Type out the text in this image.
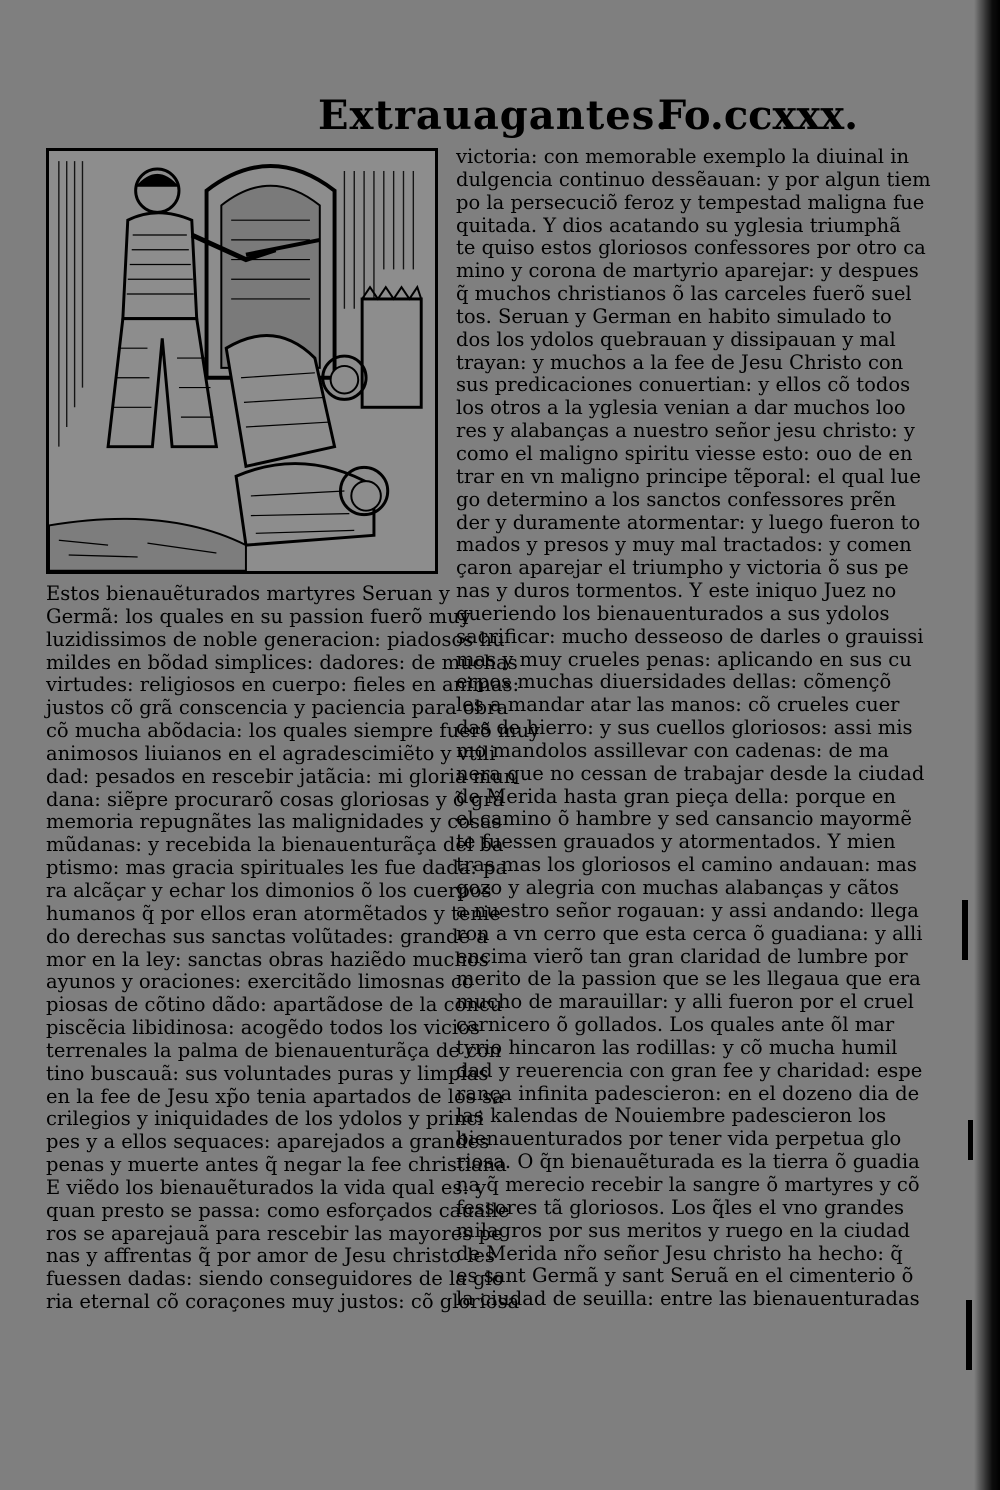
Extrauagantes.
Fo.ccxxx.
Estos bienauẽturados martyres Seruan y
Germã: los quales en su passion fuerõ muy
luzidissimos de noble generacion: piadosos hu
mildes en bõdad simplices: dadores: de muchas
virtudes: religiosos en cuerpo: fieles en animas:
justos cõ grã conscencia y paciencia para obra
cõ mucha abõdacia: los quales siempre fuerõ muy
animosos liuianos en el agradescimiẽto y vtili
dad: pesados en rescebir jatãcia: mi gloria mun
dana: siẽpre procurarõ cosas gloriosas y õ grã
memoria repugnãtes las malignidades y cosas
mũdanas: y recebida la bienauenturãça del ba
ptismo: mas gracia spirituales les fue dada: pa
ra alcãçar y echar los dimonios õ los cuerpos
humanos q̃ por ellos eran atormẽtados y tenie
do derechas sus sanctas volũtades: grande a
mor en la ley: sanctas obras haziẽdo muchos
ayunos y oraciones: exercitãdo limosnas co
piosas de cõtino dãdo: apartãdose de la concu
piscẽcia libidinosa: acogẽdo todos los vicios
terrenales la palma de bienauenturãça de con
tino buscauã: sus voluntades puras y limpias
en la fee de Jesu xp̃o tenia apartados de los sa
crilegios y iniquidades de los ydolos y princi
pes y a ellos sequaces: aparejados a grandes
penas y muerte antes q̃ negar la fee christiana
E viẽdo los bienauẽturados la vida qual es: y
quan presto se passa: como esforçados caualle
ros se aparejauã para rescebir las mayores pe
nas y affrentas q̃ por amor de Jesu christo les
fuessen dadas: siendo conseguidores de la glo
ria eternal cõ coraçones muy justos: cõ gloriosa
victoria: con memorable exemplo la diuinal in
dulgencia continuo dessẽauan: y por algun tiem
po la persecuciõ feroz y tempestad maligna fue
quitada. Y dios acatando su yglesia triumphã
te quiso estos gloriosos confessores por otro ca
mino y corona de martyrio aparejar: y despues
q̃ muchos christianos õ las carceles fuerõ suel
tos. Seruan y German en habito simulado to
dos los ydolos quebrauan y dissipauan y mal
trayan: y muchos a la fee de Jesu Christo con
sus predicaciones conuertian: y ellos cõ todos
los otros a la yglesia venian a dar muchos loo
res y alabanças a nuestro señor jesu christo: y
como el maligno spiritu viesse esto: ouo de en
trar en vn maligno principe tẽporal: el qual lue
go determino a los sanctos confessores prẽn
der y duramente atormentar: y luego fueron to
mados y presos y muy mal tractados: y comen
çaron aparejar el triumpho y victoria õ sus pe
nas y duros tormentos. Y este iniquo Juez no
queriendo los bienauenturados a sus ydolos
sacrificar: mucho desseoso de darles o grauissi
mas y muy crueles penas: aplicando en sus cu
erpos muchas diuersidades dellas: cõmençõ
les a mandar atar las manos: cõ crueles cuer
das de hierro: y sus cuellos gloriosos: assi mis
mo mandolos assillevar con cadenas: de ma
nera que no cessan de trabajar desde la ciudad
de Merida hasta gran pieça della: porque en
el camino õ hambre y sed cansancio mayormẽ
te fuessen grauados y atormentados. Y mien
tras mas los gloriosos el camino andauan: mas
gozo y alegria con muchas alabanças y cãtos
a nuestro señor rogauan: y assi andando: llega
ron a vn cerro que esta cerca õ guadiana: y alli
encima vierõ tan gran claridad de lumbre por
merito de la passion que se les llegaua que era
mucho de marauillar: y alli fueron por el cruel
carnicero õ gollados. Los quales ante õl mar
tyrio hincaron las rodillas: y cõ mucha humil
dad y reuerencia con gran fee y charidad: espe
rança infinita padescieron: en el dozeno dia de
las kalendas de Nouiembre padescieron los
bienauenturados por tener vida perpetua glo
riosa. O q̃n bienauẽturada es la tierra õ guadia
na q̃ merecio recebir la sangre õ martyres y cõ
fessores tã gloriosos. Los q̃les el vno grandes
milagros por sus meritos y ruego en la ciudad
de Merida nr̃o señor Jesu christo ha hecho: q̃
es sant Germã y sant Seruã en el cimenterio õ
la ciudad de seuilla: entre las bienauenturadas
